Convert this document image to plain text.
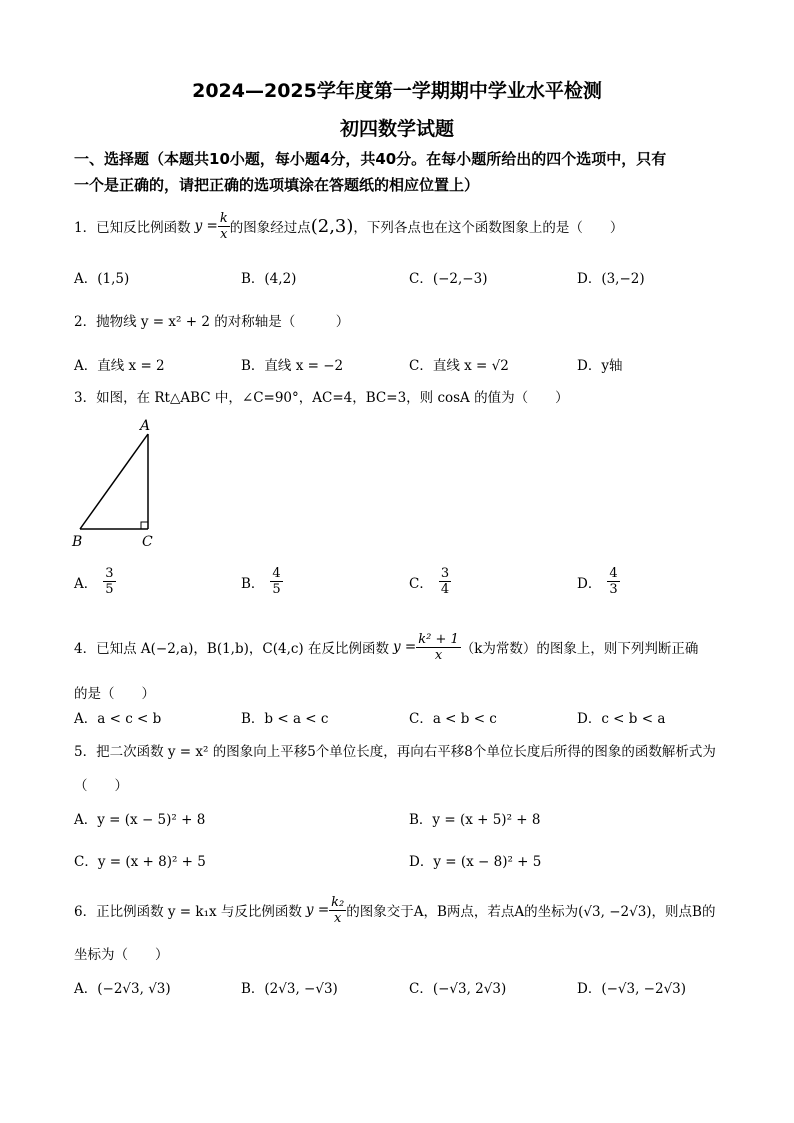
2024—2025学年度第一学期期中学业水平检测
初四数学试题
一、选择题（本题共10小题，每小题4分，共40分。在每小题所给出的四个选项中，只有
一个是正确的，请把正确的选项填涂在答题纸的相应位置上）
1．已知反比例函数 $y = \frac{k}{x}$ 的图象经过点 (2,3) ，下列各点也在这个函数图象上的是（　　）
A．(1,5)	B．(4,2)	C．(−2,−3)	D．(3,−2)
2．抛物线 y = x² + 2 的对称轴是（　　　）
A．直线 x = 2	B．直线 x = −2	C．直线 x = √2	D．y轴
3．如图，在 Rt△ABC 中，∠C=90°，AC=4，BC=3，则 cosA 的值为（　　）
A
B	C
A． $\frac{3}{5}$	B． $\frac{4}{5}$	C． $\frac{3}{4}$	D． $\frac{4}{3}$
4．已知点 A(−2,a)，B(1,b)，C(4,c) 在反比例函数 $y = \frac{\text{k² + 1}}{x} (k$为常数）的图象上，则下列判断正确
的是（　　）
A．a < c < b	B．b < a < c	C．a < b < c	D．c < b < a
5．把二次函数 y = x² 的图象向上平移5个单位长度，再向右平移8个单位长度后所得的图象的函数解析式为
（　　）
A．y = (x − 5)² + 8	B．y = (x + 5)² + 8
C．y = (x + 8)² + 5	D．y = (x − 8)² + 5
6．正比例函数 y = k₁x 与反比例函数 $y = \frac{\text{k₂}}{x}$ 的图象交于A，B两点，若点A的坐标为(√3, −2√3)，则点B的
坐标为（　　）
A．(−2√3, √3)	B．(2√3, −√3)	C．(−√3, 2√3)	D．(−√3, −2√3)
